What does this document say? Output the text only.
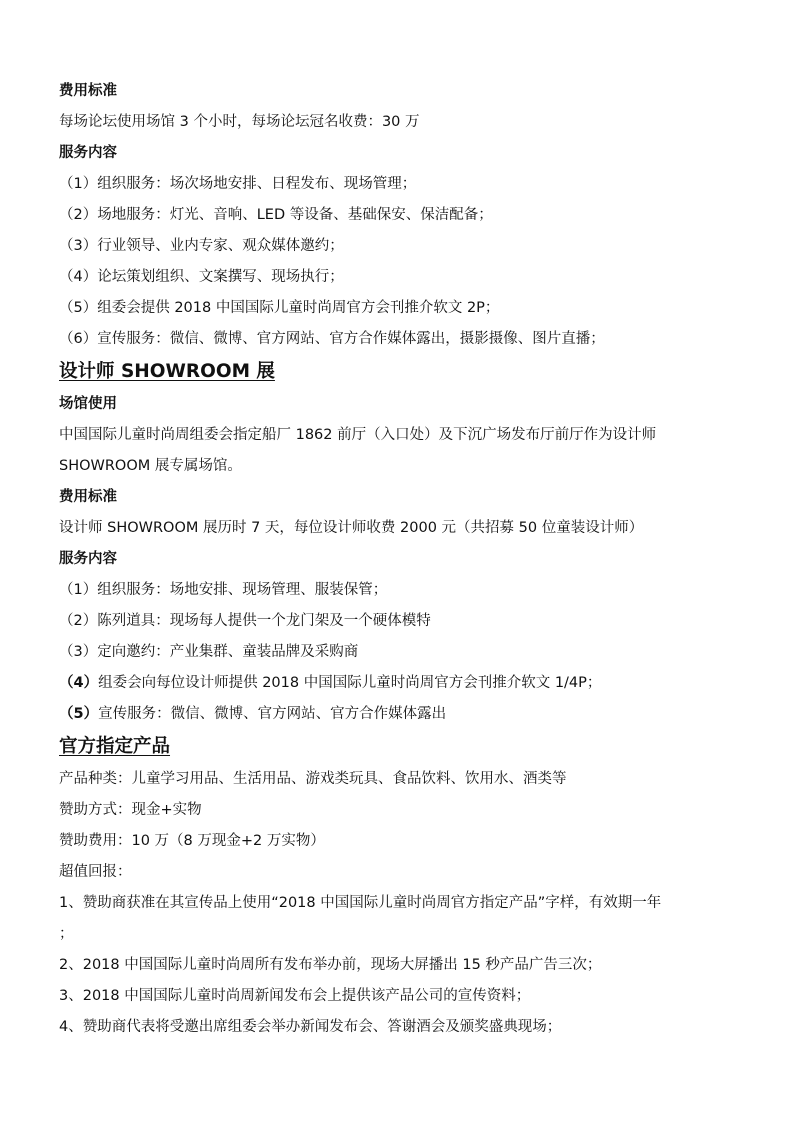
费用标准
每场论坛使用场馆 3 个小时，每场论坛冠名收费：30 万
服务内容
（1）组织服务：场次场地安排、日程发布、现场管理；
（2）场地服务：灯光、音响、LED 等设备、基础保安、保洁配备；
（3）行业领导、业内专家、观众媒体邀约；
（4）论坛策划组织、文案撰写、现场执行；
（5）组委会提供 2018 中国国际儿童时尚周官方会刊推介软文 2P；
（6）宣传服务：微信、微博、官方网站、官方合作媒体露出，摄影摄像、图片直播；
设计师 SHOWROOM 展
场馆使用
中国国际儿童时尚周组委会指定船厂 1862 前厅（入口处）及下沉广场发布厅前厅作为设计师
SHOWROOM 展专属场馆。
费用标准
设计师 SHOWROOM 展历时 7 天，每位设计师收费 2000 元（共招募 50 位童装设计师）
服务内容
（1）组织服务：场地安排、现场管理、服装保管；
（2）陈列道具：现场每人提供一个龙门架及一个硬体模特
（3）定向邀约：产业集群、童装品牌及采购商
（4）组委会向每位设计师提供 2018 中国国际儿童时尚周官方会刊推介软文 1/4P；
（5）宣传服务：微信、微博、官方网站、官方合作媒体露出
官方指定产品
产品种类：儿童学习用品、生活用品、游戏类玩具、食品饮料、饮用水、酒类等
赞助方式：现金+实物
赞助费用：10 万（8 万现金+2 万实物）
超值回报：
1、赞助商获准在其宣传品上使用“2018 中国国际儿童时尚周官方指定产品”字样，有效期一年
；
2、2018 中国国际儿童时尚周所有发布举办前，现场大屏播出 15 秒产品广告三次；
3、2018 中国国际儿童时尚周新闻发布会上提供该产品公司的宣传资料；
4、赞助商代表将受邀出席组委会举办新闻发布会、答谢酒会及颁奖盛典现场；
